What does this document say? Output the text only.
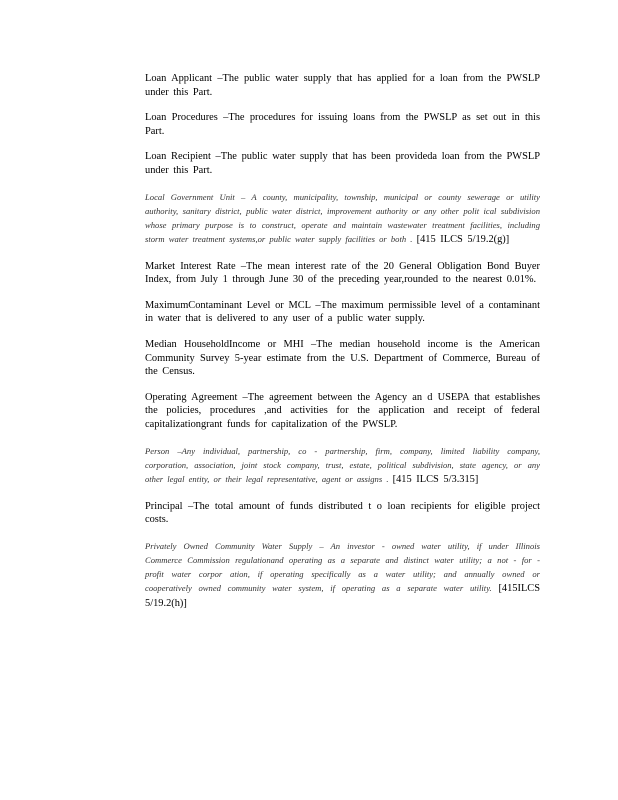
Loan Applicant –The public water supply that has applied for a loan from the PWSLP under this Part.

Loan Procedures –The procedures for issuing loans from the PWSLP as set out in this Part.

Loan Recipient –The public water supply that has been provideda loan from the PWSLP under this Part.

Local Government Unit – A county, municipality, township, municipal or county sewerage or utility authority, sanitary district, public water district, improvement authority or any other polit ical subdivision whose primary purpose is to construct, operate and maintain wastewater treatment facilities, including storm water treatment systems,or public water supply facilities or both . [415 ILCS 5/19.2(g)]

Market Interest Rate –The mean interest rate of the 20 General Obligation Bond Buyer Index, from July 1 through June 30 of the preceding year,rounded to the nearest 0.01%.

MaximumContaminant Level or MCL –The maximum permissible level of a contaminant in water that is delivered to any user of a public water supply.

Median HouseholdIncome or MHI –The median household income is the American Community Survey 5-year estimate from the U.S. Department of Commerce, Bureau of the Census.

Operating Agreement –The agreement between the Agency an d USEPA that establishes the policies, procedures ,and activities for the application and receipt of federal capitalizationgrant funds for capitalization of the PWSLP.

Person –Any individual, partnership, co - partnership, firm, company, limited liability company, corporation, association, joint stock company, trust, estate, political subdivision, state agency, or any other legal entity, or their legal representative, agent or assigns . [415 ILCS 5/3.315]

Principal –The total amount of funds distributed t o loan recipients for eligible project costs.

Privately Owned Community Water Supply – An investor - owned water utility, if under Illinois Commerce Commission regulationand operating as a separate and distinct water utility; a not - for - profit water corpor ation, if operating specifically as a water utility; and annually owned or cooperatively owned community water system, if operating as a separate water utility. [415ILCS 5/19.2(h)]
